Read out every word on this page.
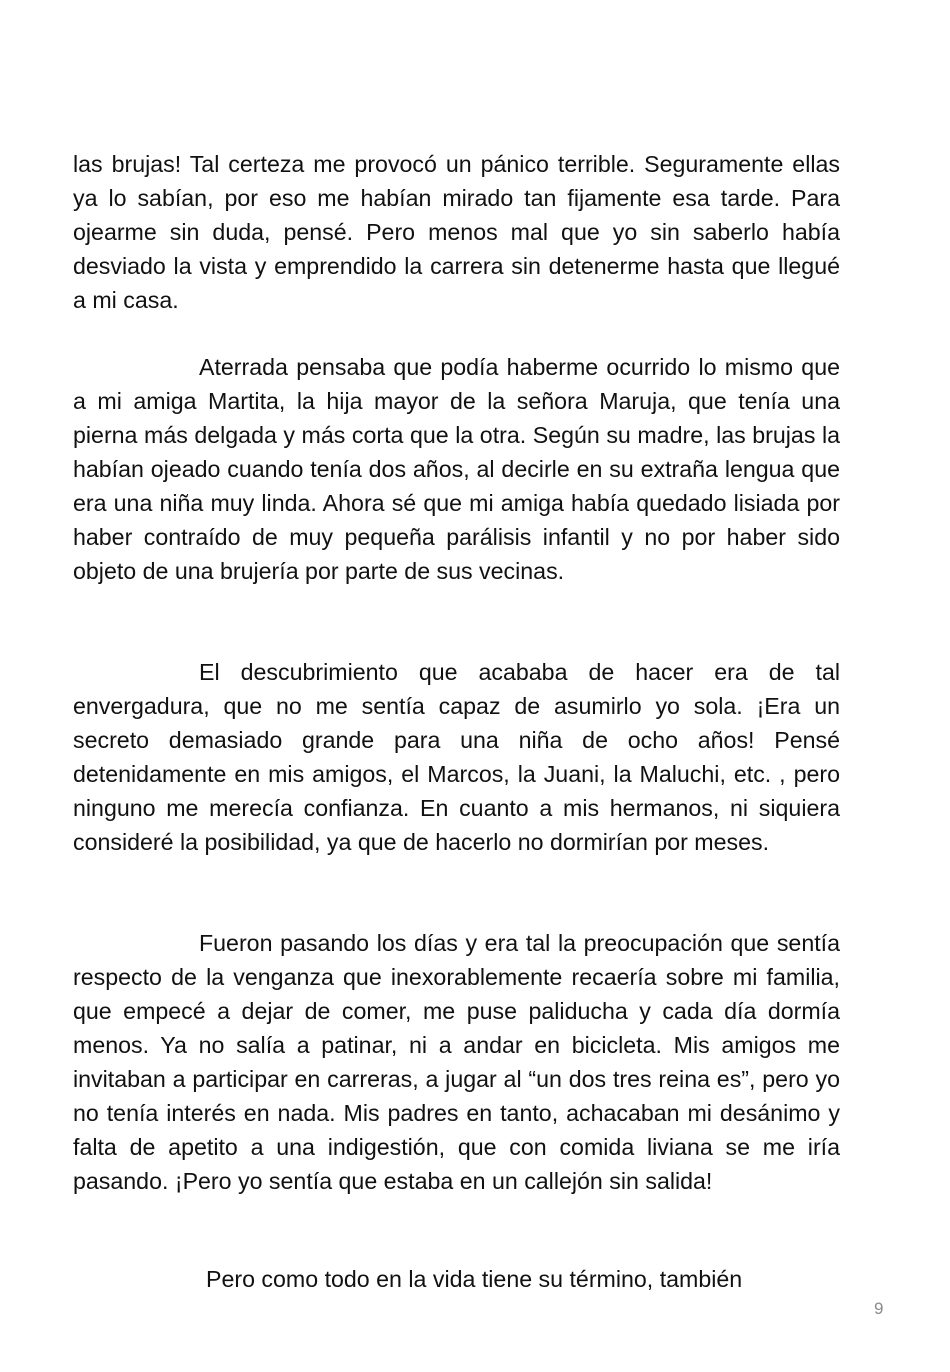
las brujas! Tal certeza me provocó un pánico terrible. Seguramente ellas ya lo sabían, por eso me habían mirado tan fijamente esa tarde. Para ojearme sin duda, pensé. Pero menos mal que yo sin saberlo había desviado la vista y emprendido la carrera sin detenerme hasta que llegué a mi casa.

Aterrada pensaba que podía haberme ocurrido lo mismo que a mi amiga Martita, la hija mayor de la señora Maruja, que tenía una pierna más delgada y más corta que la otra. Según su madre, las brujas la habían ojeado cuando tenía dos años, al decirle en su extraña lengua que era una niña muy linda. Ahora sé que mi amiga había quedado lisiada por haber contraído de muy pequeña parálisis infantil y no por haber sido objeto de una brujería por parte de sus vecinas.

El descubrimiento que acababa de hacer era de tal envergadura, que no me sentía capaz de asumirlo yo sola. ¡Era un secreto demasiado grande para una niña de ocho años! Pensé detenidamente en mis amigos, el Marcos, la Juani, la Maluchi, etc. , pero ninguno me merecía confianza. En cuanto a mis hermanos, ni siquiera consideré la posibilidad, ya que de hacerlo no dormirían por meses.

Fueron pasando los días y era tal la preocupación que sentía respecto de la venganza que inexorablemente recaería sobre mi familia, que empecé a dejar de comer, me puse paliducha y cada día dormía menos. Ya no salía a patinar, ni a andar en bicicleta. Mis amigos me invitaban a participar en carreras, a jugar al “un dos tres reina es”, pero yo no tenía interés en nada. Mis padres en tanto, achacaban mi desánimo y falta de apetito a una indigestión, que con comida liviana se me iría pasando. ¡Pero yo sentía que estaba en un callejón sin salida!

Pero como todo en la vida tiene su término, también
9
